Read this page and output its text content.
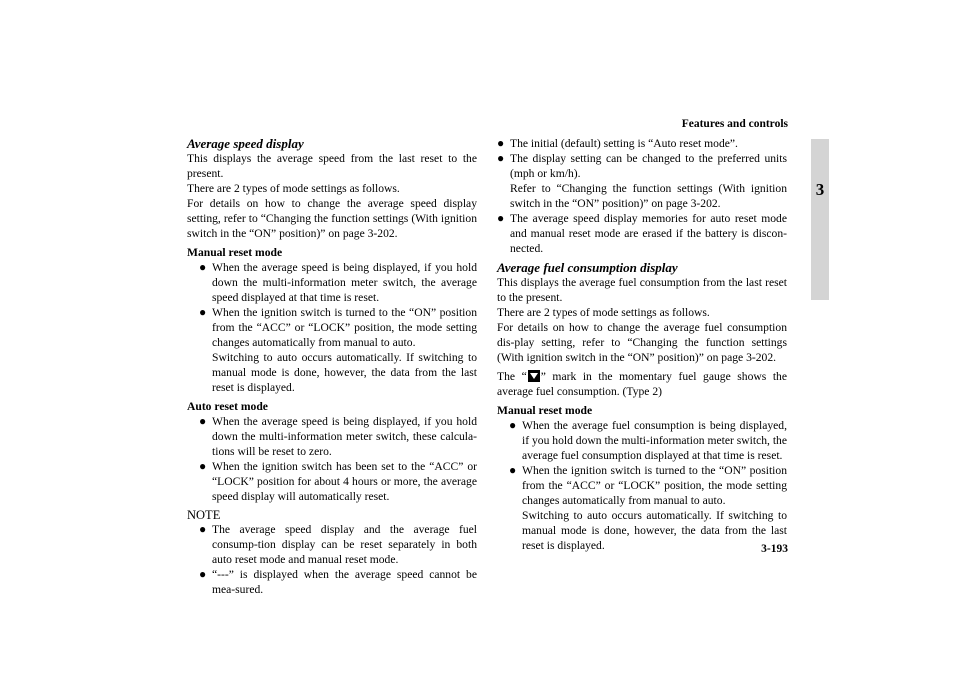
Features and controls
3
Average speed display

This displays the average speed from the last reset to the present.

There are 2 types of mode settings as follows.

For details on how to change the average speed display setting, refer to “Changing the function settings (With ignition switch in the “ON” position)” on page 3-202.

Manual reset mode

● When the average speed is being displayed, if you hold down the multi-information meter switch, the average speed displayed at that time is reset.
● When the ignition switch is turned to the “ON” position from the “ACC” or “LOCK” position, the mode setting changes automatically from manual to auto.
Switching to auto occurs automatically. If switching to manual mode is done, however, the data from the last reset is displayed.

Auto reset mode

● When the average speed is being displayed, if you hold down the multi-information meter switch, these calcula-tions will be reset to zero.
● When the ignition switch has been set to the “ACC” or “LOCK” position for about 4 hours or more, the average speed display will automatically reset.

NOTE

● The average speed display and the average fuel consump-tion display can be reset separately in both auto reset mode and manual reset mode.
● “---” is displayed when the average speed cannot be mea-sured.
● The initial (default) setting is “Auto reset mode”.
● The display setting can be changed to the preferred units (mph or km/h).
Refer to “Changing the function settings (With ignition switch in the “ON” position)” on page 3-202.
● The average speed display memories for auto reset mode and manual reset mode are erased if the battery is discon-nected.
Average fuel consumption display

This displays the average fuel consumption from the last reset to the present.

There are 2 types of mode settings as follows.

For details on how to change the average fuel consumption dis-play setting, refer to “Changing the function settings (With ignition switch in the “ON” position)” on page 3-202.

The “ ” mark in the momentary fuel gauge shows the average fuel consumption. (Type 2)

Manual reset mode

● When the average fuel consumption is being displayed, if you hold down the multi-information meter switch, the average fuel consumption displayed at that time is reset.
● When the ignition switch is turned to the “ON” position from the “ACC” or “LOCK” position, the mode setting changes automatically from manual to auto.
Switching to auto occurs automatically. If switching to manual mode is done, however, the data from the last reset is displayed.	3-193
